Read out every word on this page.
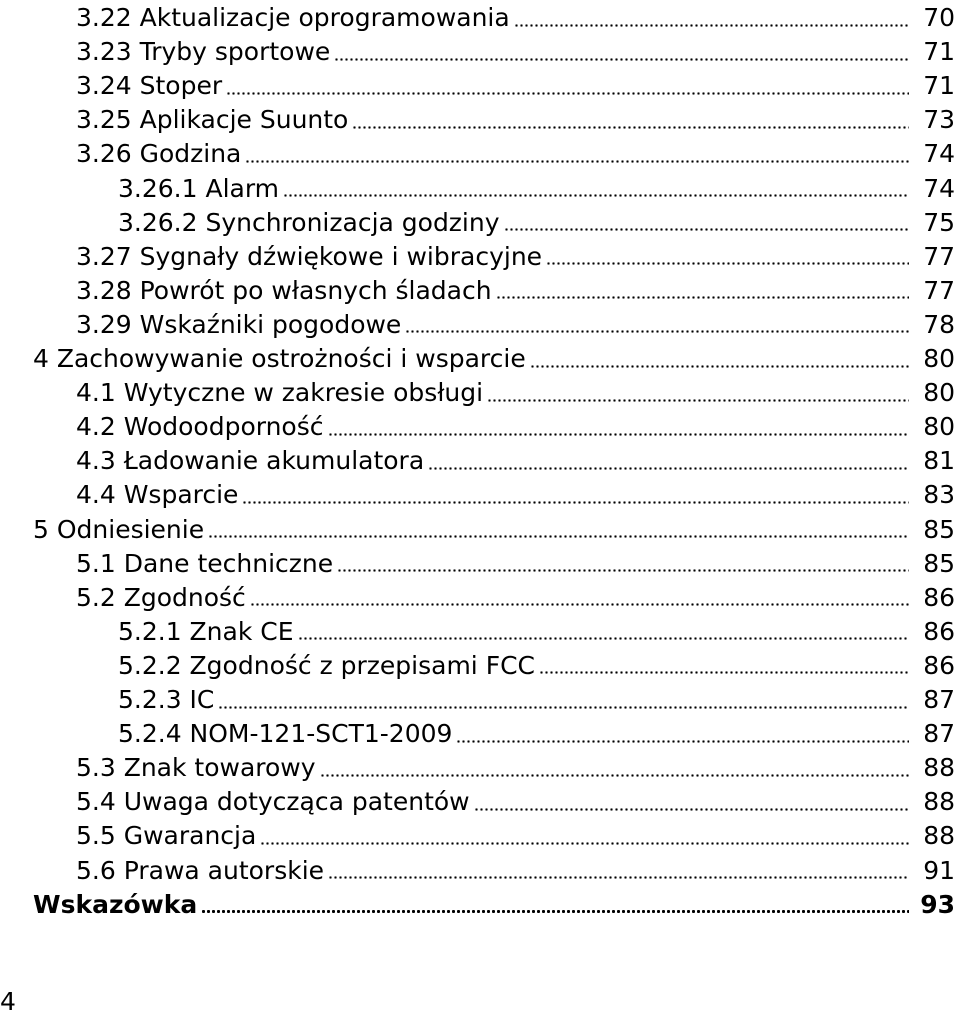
3.22 Aktualizacje oprogramowania	70
3.23 Tryby sportowe	71
3.24 Stoper	71
3.25 Aplikacje Suunto	73
3.26 Godzina	74
3.26.1 Alarm	74
3.26.2 Synchronizacja godziny	75
3.27 Sygnały dźwiękowe i wibracyjne	77
3.28 Powrót po własnych śladach	77
3.29 Wskaźniki pogodowe	78
4 Zachowywanie ostrożności i wsparcie	80
4.1 Wytyczne w zakresie obsługi	80
4.2 Wodoodporność	80
4.3 Ładowanie akumulatora	81
4.4 Wsparcie	83
5 Odniesienie	85
5.1 Dane techniczne	85
5.2 Zgodność	86
5.2.1 Znak CE	86
5.2.2 Zgodność z przepisami FCC	86
5.2.3 IC	87
5.2.4 NOM-121-SCT1-2009	87
5.3 Znak towarowy	88
5.4 Uwaga dotycząca patentów	88
5.5 Gwarancja	88
5.6 Prawa autorskie	91
Wskazówka	93
4
